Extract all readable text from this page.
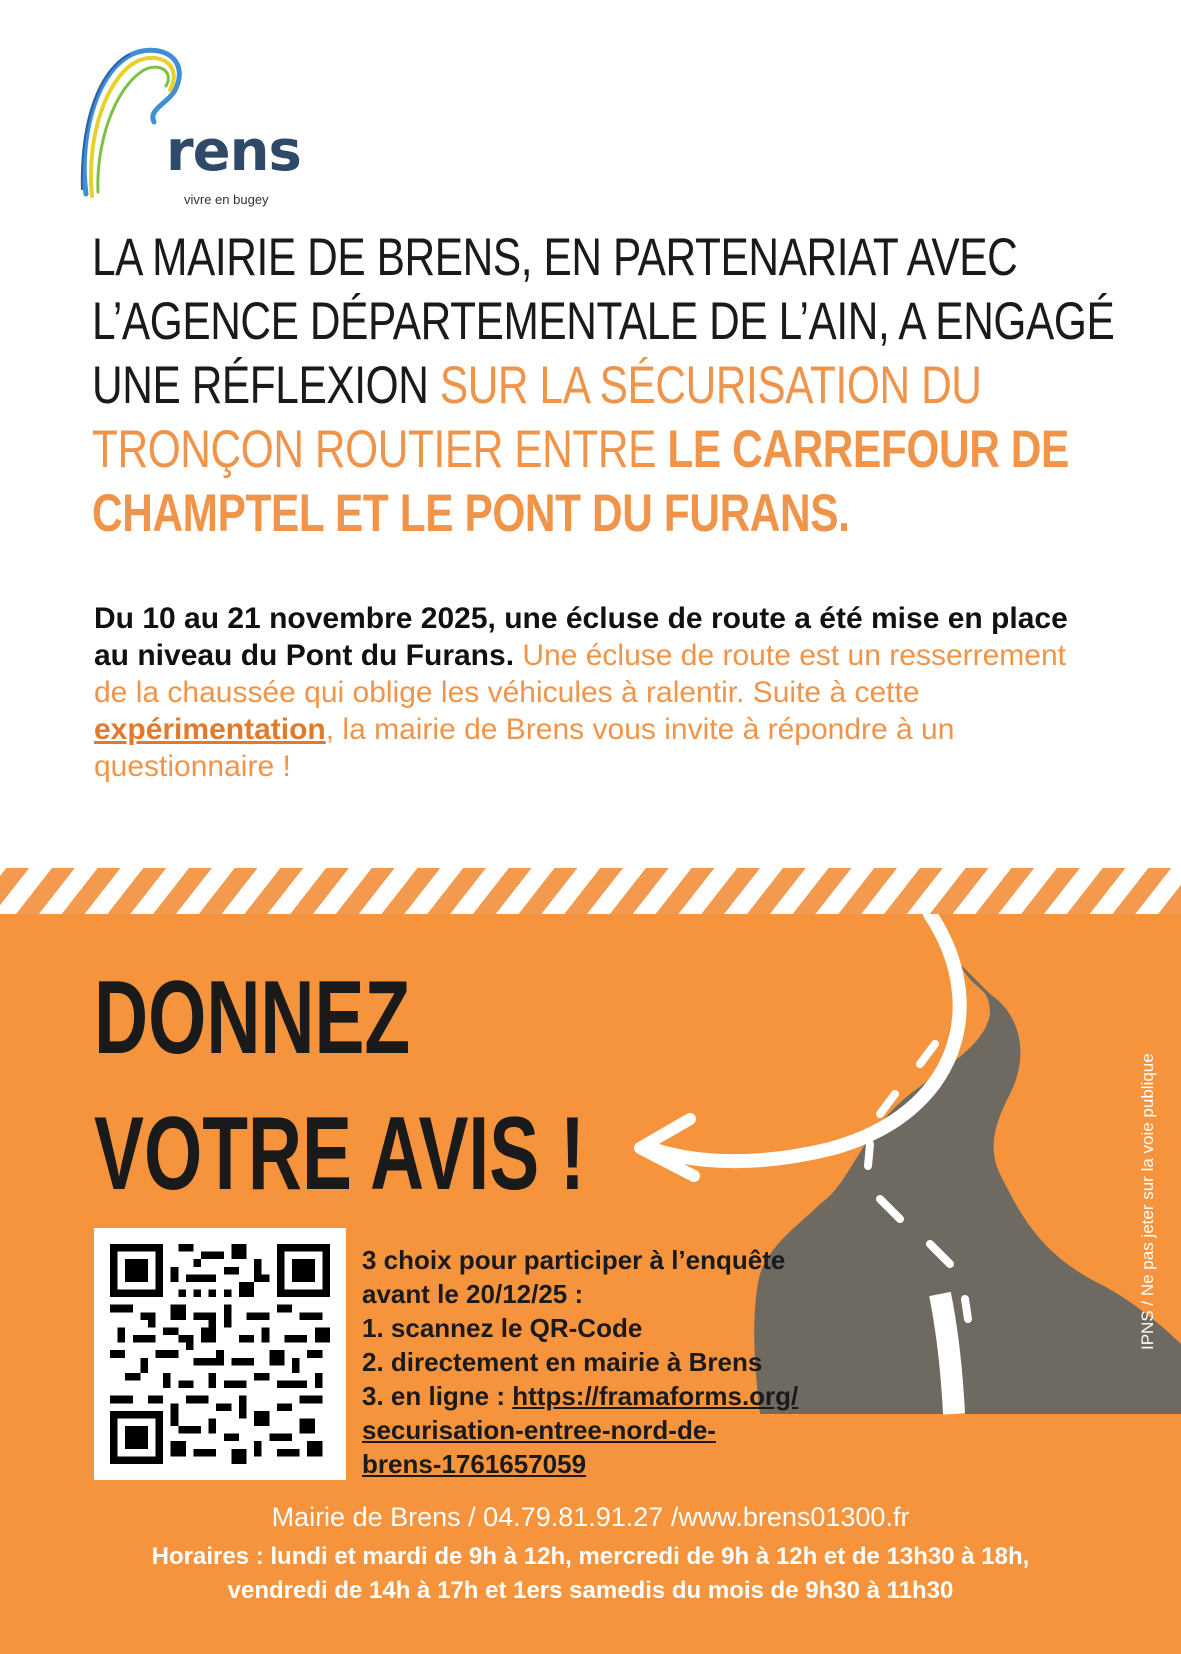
rens
vivre en bugey
LA MAIRIE DE BRENS, EN PARTENARIAT AVEC L’AGENCE DÉPARTEMENTALE DE L’AIN, A ENGAGÉ UNE RÉFLEXION SUR LA SÉCURISATION DU TRONÇON ROUTIER ENTRE LE CARREFOUR DE CHAMPTEL ET LE PONT DU FURANS.
Du 10 au 21 novembre 2025, une écluse de route a été mise en place au niveau du Pont du Furans. Une écluse de route est un resserrement de la chaussée qui oblige les véhicules à ralentir. Suite à cette expérimentation, la mairie de Brens vous invite à répondre à un questionnaire !
DONNEZ
VOTRE AVIS !	IPNS / Ne pas jeter sur la voie publique
3 choix pour participer à l’enquête
avant le 20/12/25 :
1. scannez le QR-Code
2. directement en mairie à Brens
3. en ligne : https://framaforms.org/
securisation-entree-nord-de-
brens-1761657059
Mairie de Brens / 04.79.81.91.27 /www.brens01300.fr
Horaires : lundi et mardi de 9h à 12h, mercredi de 9h à 12h et de 13h30 à 18h,
vendredi de 14h à 17h et 1ers samedis du mois de 9h30 à 11h30
